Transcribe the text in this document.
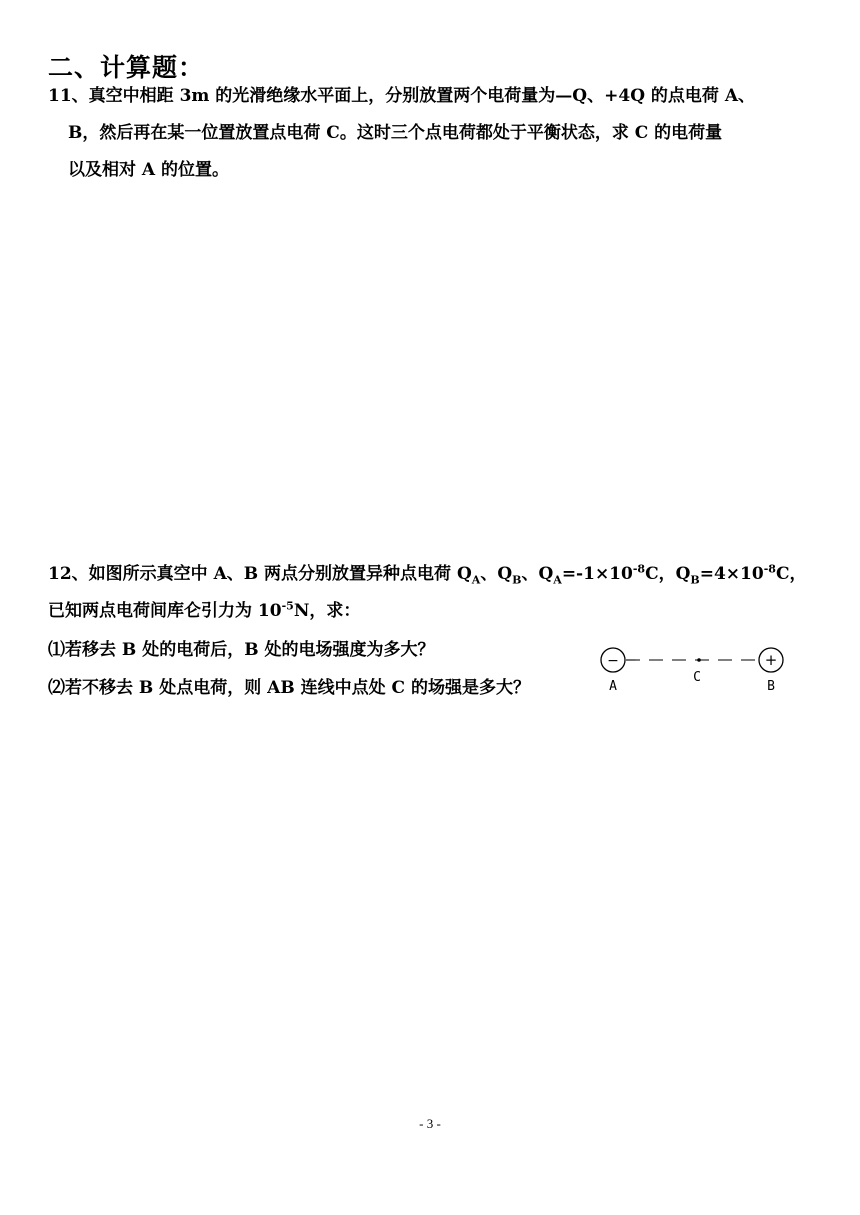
二、计算题：
11、真空中相距 3m 的光滑绝缘水平面上，分别放置两个电荷量为—Q、+4Q 的点电荷 A、
B，然后再在某一位置放置点电荷 C。这时三个点电荷都处于平衡状态，求 C 的电荷量
以及相对 A 的位置。
12、如图所示真空中 A、B 两点分别放置异种点电荷 $Q_A$、$Q_B$、$Q_A=-1\times 10^{-8}C$，$Q_B=4\times 10^{-8}C$，
已知两点电荷间库仑引力为 $10^{-5}N$，求：
⑴若移去 B 处的电荷后，B 处的电场强度为多大？
⑵若不移去 B 处点电荷，则 AB 连线中点处 C 的场强是多大？
−	+
A
C
B
- 3 -
